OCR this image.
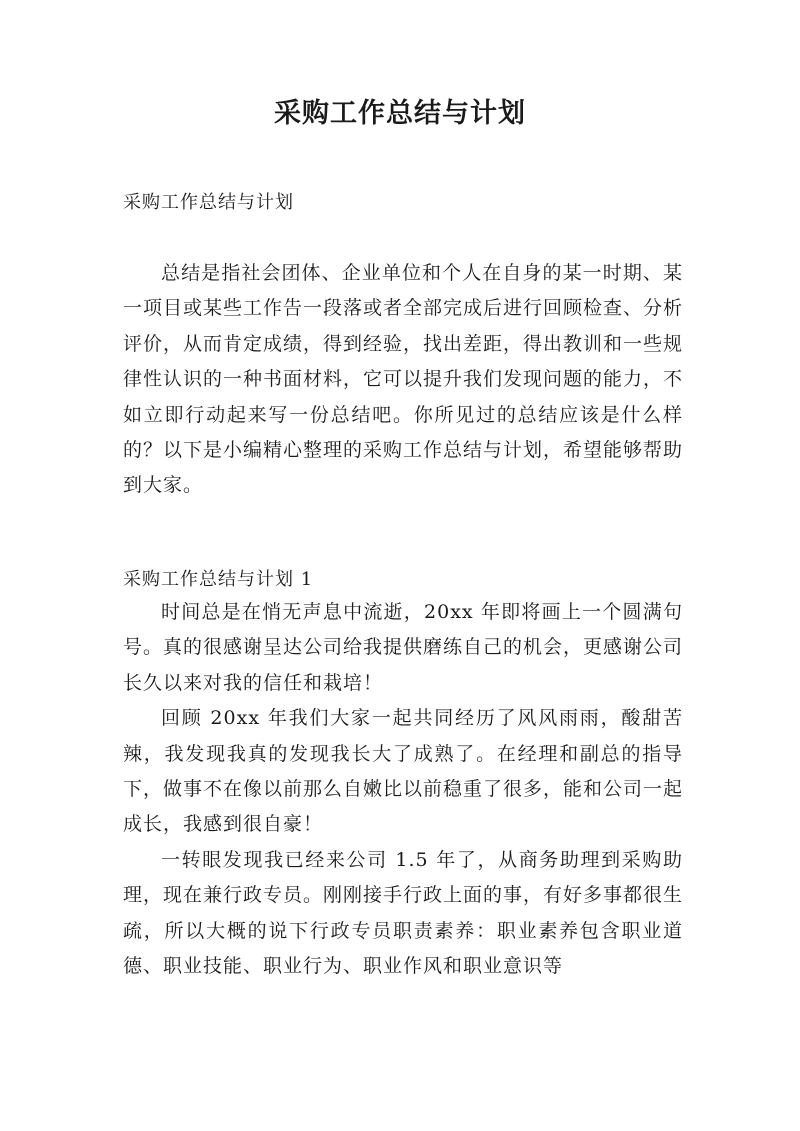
采购工作总结与计划
采购工作总结与计划

总结是指社会团体、企业单位和个人在自身的某一时期、某一项目或某些工作告一段落或者全部完成后进行回顾检查、分析评价，从而肯定成绩，得到经验，找出差距，得出教训和一些规律性认识的一种书面材料，它可以提升我们发现问题的能力，不如立即行动起来写一份总结吧。你所见过的总结应该是什么样的？以下是小编精心整理的采购工作总结与计划，希望能够帮助到大家。

采购工作总结与计划 1

时间总是在悄无声息中流逝，20xx 年即将画上一个圆满句号。真的很感谢呈达公司给我提供磨练自己的机会，更感谢公司长久以来对我的信任和栽培！

回顾 20xx 年我们大家一起共同经历了风风雨雨，酸甜苦辣，我发现我真的发现我长大了成熟了。在经理和副总的指导下，做事不在像以前那么自嫩比以前稳重了很多，能和公司一起成长，我感到很自豪！

一转眼发现我已经来公司 1.5 年了，从商务助理到采购助理，现在兼行政专员。刚刚接手行政上面的事，有好多事都很生疏，所以大概的说下行政专员职责素养：职业素养包含职业道德、职业技能、职业行为、职业作风和职业意识等
